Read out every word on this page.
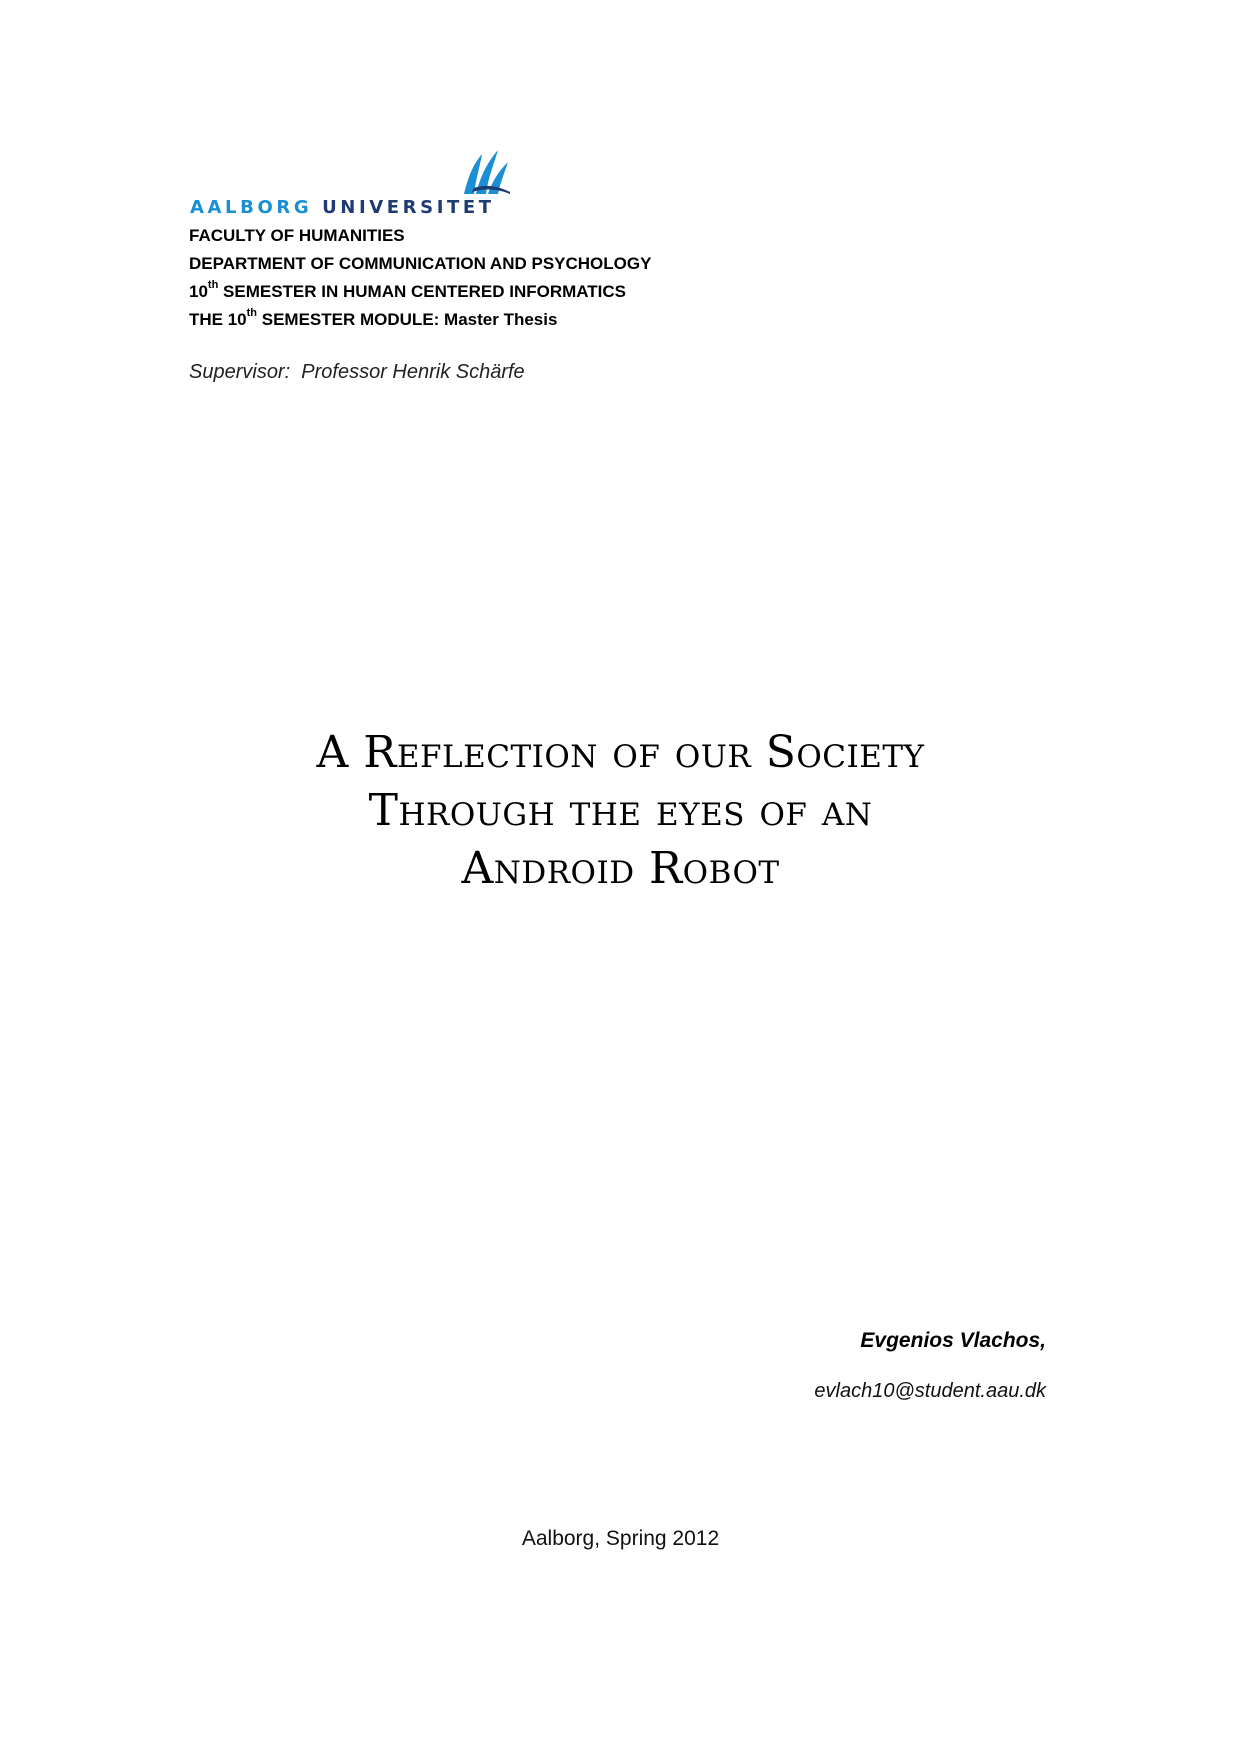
AALBORG UNIVERSITET
FACULTY OF HUMANITIES
DEPARTMENT OF COMMUNICATION AND PSYCHOLOGY
10th SEMESTER IN HUMAN CENTERED INFORMATICS
THE 10th SEMESTER MODULE: Master Thesis
Supervisor:  Professor Henrik Schärfe
A Reflection of our Society
Through the eyes of an
Android Robot
Evgenios Vlachos,
evlach10@student.aau.dk
Aalborg, Spring 2012
